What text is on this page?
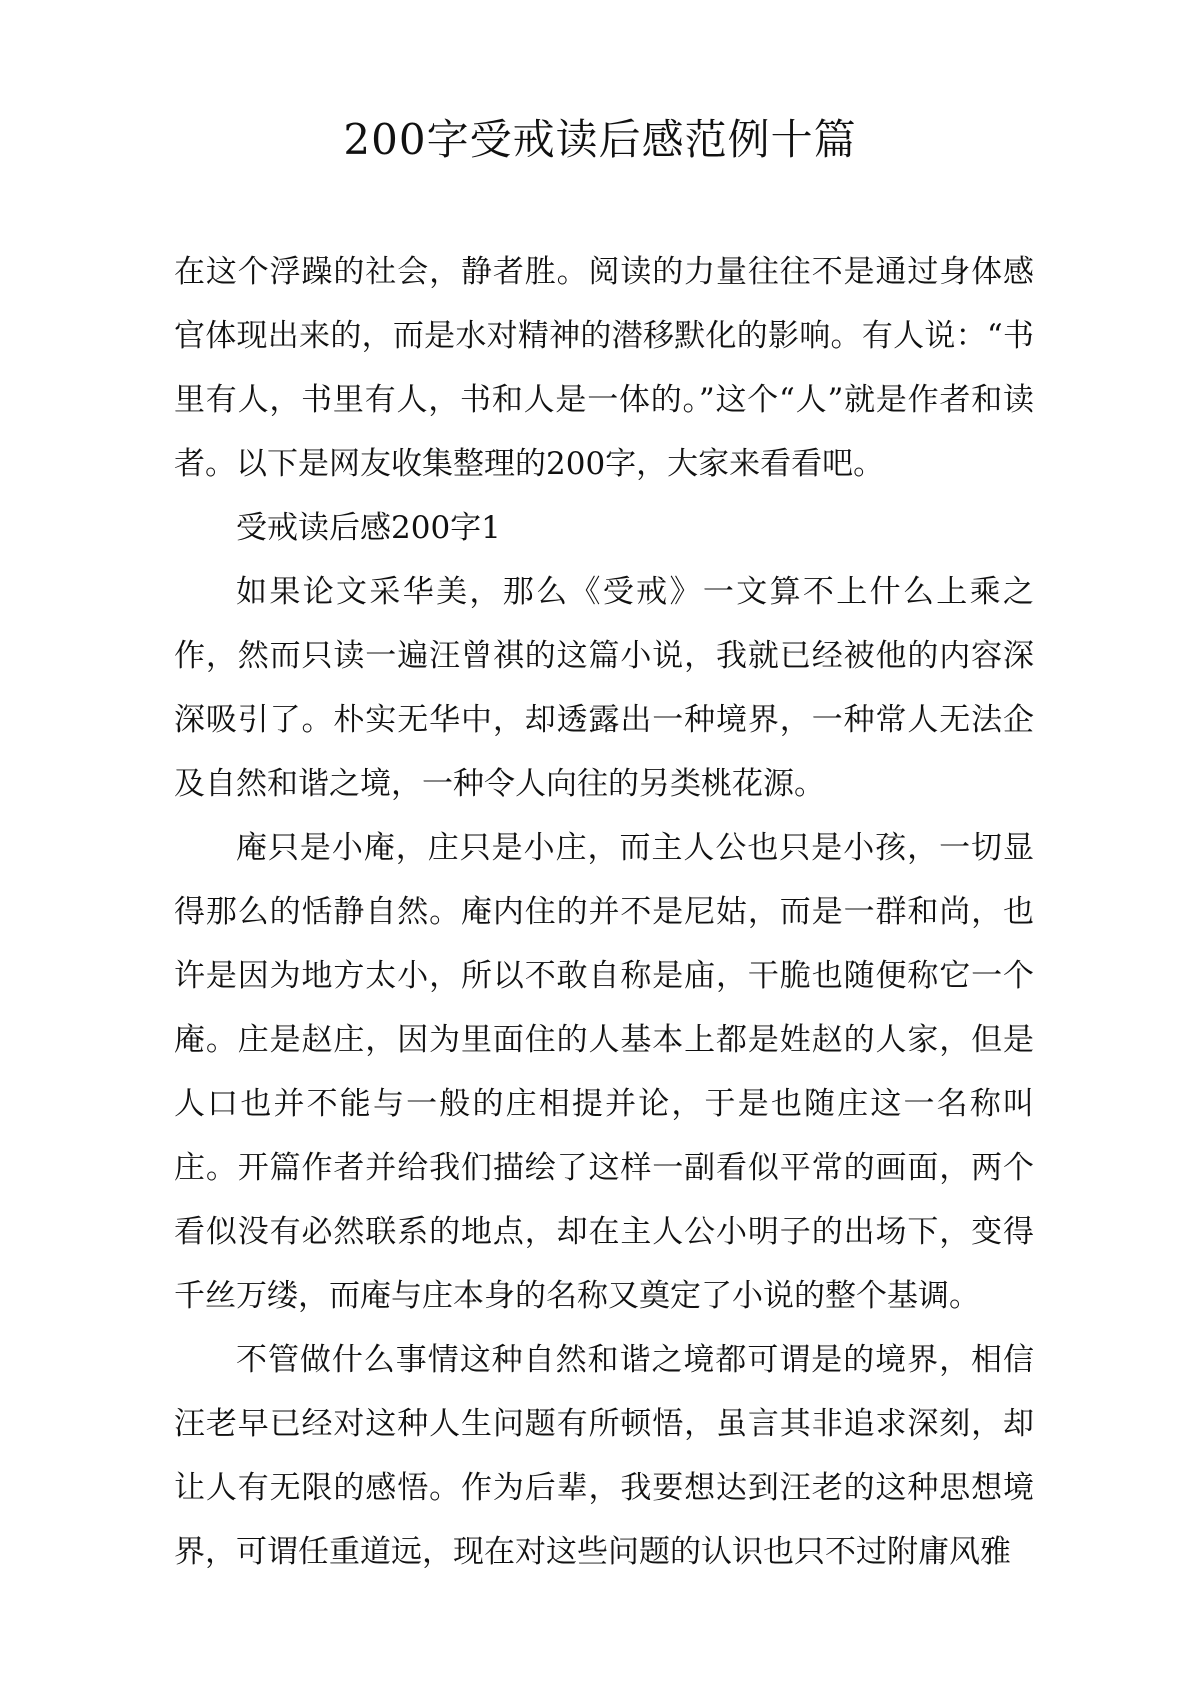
200字受戒读后感范例十篇

在这个浮躁的社会，静者胜。阅读的力量往往不是通过身体感官体现出来的，而是水对精神的潜移默化的影响。有人说：“书里有人，书里有人，书和人是一体的。”这个“人”就是作者和读者。以下是网友收集整理的200字，大家来看看吧。

受戒读后感200字1

如果论文采华美，那么《受戒》一文算不上什么上乘之作，然而只读一遍汪曾祺的这篇小说，我就已经被他的内容深深吸引了。朴实无华中，却透露出一种境界，一种常人无法企及自然和谐之境，一种令人向往的另类桃花源。

庵只是小庵，庄只是小庄，而主人公也只是小孩，一切显得那么的恬静自然。庵内住的并不是尼姑，而是一群和尚，也许是因为地方太小，所以不敢自称是庙，干脆也随便称它一个庵。庄是赵庄，因为里面住的人基本上都是姓赵的人家，但是人口也并不能与一般的庄相提并论，于是也随庄这一名称叫庄。开篇作者并给我们描绘了这样一副看似平常的画面，两个看似没有必然联系的地点，却在主人公小明子的出场下，变得千丝万缕，而庵与庄本身的名称又奠定了小说的整个基调。

不管做什么事情这种自然和谐之境都可谓是的境界，相信汪老早已经对这种人生问题有所顿悟，虽言其非追求深刻，却让人有无限的感悟。作为后辈，我要想达到汪老的这种思想境界，可谓任重道远，现在对这些问题的认识也只不过附庸风雅
